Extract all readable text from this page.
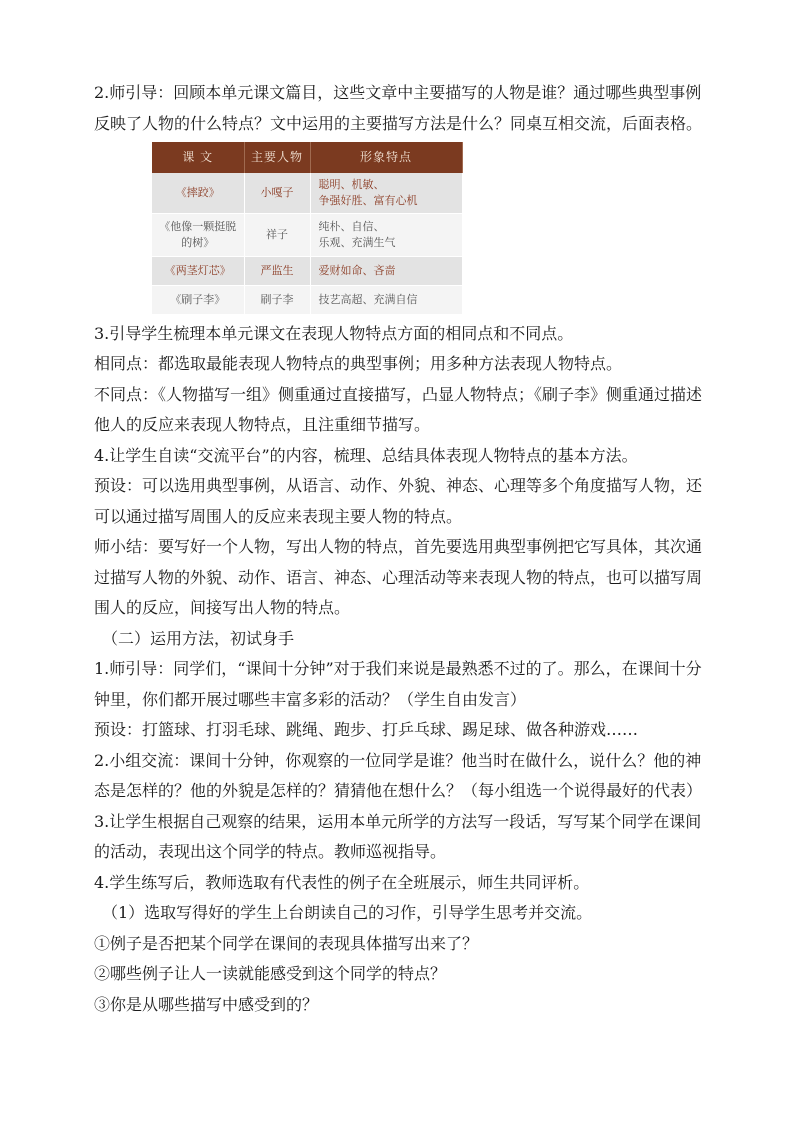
2.师引导：回顾本单元课文篇目，这些文章中主要描写的人物是谁？通过哪些典型事例反映了人物的什么特点？文中运用的主要描写方法是什么？同桌互相交流，后面表格。

课 文	主要人物	形象特点
《摔跤》	小嘎子	聪明、机敏、
争强好胜、富有心机

《他像一颗挺脱的树》	祥子	纯朴、自信、
乐观、充满生气

《两茎灯芯》	严监生	爱财如命、吝啬

《刷子李》	刷子李	技艺高超、充满自信

3.引导学生梳理本单元课文在表现人物特点方面的相同点和不同点。

相同点：都选取最能表现人物特点的典型事例；用多种方法表现人物特点。

不同点：《人物描写一组》侧重通过直接描写，凸显人物特点；《刷子李》侧重通过描述他人的反应来表现人物特点，且注重细节描写。

4.让学生自读“交流平台”的内容，梳理、总结具体表现人物特点的基本方法。

预设：可以选用典型事例，从语言、动作、外貌、神态、心理等多个角度描写人物，还可以通过描写周围人的反应来表现主要人物的特点。

师小结：要写好一个人物，写出人物的特点，首先要选用典型事例把它写具体，其次通过描写人物的外貌、动作、语言、神态、心理活动等来表现人物的特点，也可以描写周围人的反应，间接写出人物的特点。

（二）运用方法，初试身手

1.师引导：同学们，“课间十分钟”对于我们来说是最熟悉不过的了。那么，在课间十分钟里，你们都开展过哪些丰富多彩的活动？（学生自由发言）

预设：打篮球、打羽毛球、跳绳、跑步、打乒乓球、踢足球、做各种游戏……

2.小组交流：课间十分钟，你观察的一位同学是谁？他当时在做什么，说什么？他的神态是怎样的？他的外貌是怎样的？猜猜他在想什么？（每小组选一个说得最好的代表）

3.让学生根据自己观察的结果，运用本单元所学的方法写一段话，写写某个同学在课间的活动，表现出这个同学的特点。教师巡视指导。

4.学生练写后，教师选取有代表性的例子在全班展示，师生共同评析。

（1）选取写得好的学生上台朗读自己的习作，引导学生思考并交流。

①例子是否把某个同学在课间的表现具体描写出来了？

②哪些例子让人一读就能感受到这个同学的特点？

③你是从哪些描写中感受到的？
